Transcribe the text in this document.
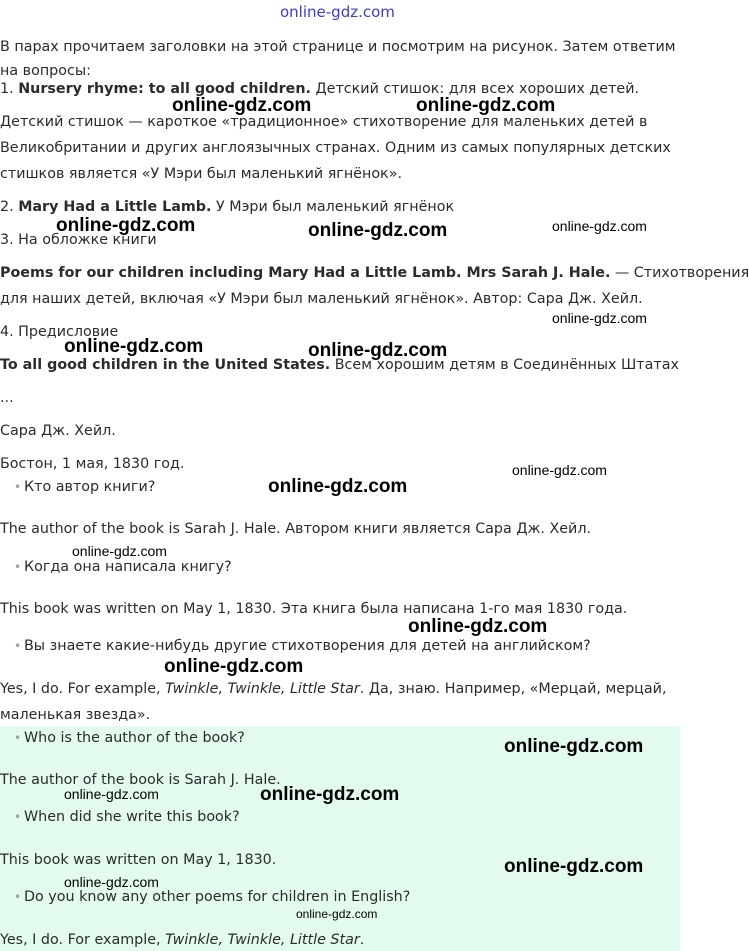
online-gdz.com
В парах прочитаем заголовки на этой странице и посмотрим на рисунок. Затем ответим
на вопросы:
1. Nursery rhyme: to all good children. Детский стишок: для всех хороших детей.
Детский стишок — кароткое «традиционное» стихотворение для маленьких детей в
Великобритании и других англоязычных странах. Одним из самых популярных детских
стишков является «У Мэри был маленький ягнёнок».
2. Mary Had a Little Lamb. У Мэри был маленький ягнёнок
3. На обложке книги
Poems for our children including Mary Had a Little Lamb. Mrs Sarah J. Hale. — Стихотворения
для наших детей, включая «У Мэри был маленький ягнёнок». Автор: Сара Дж. Хейл.
4. Предисловие
To all good children in the United States. Всем хорошим детям в Соединённых Штатах
...
Сара Дж. Хейл.
Бостон, 1 мая, 1830 год.
• Кто автор книги?
The author of the book is Sarah J. Hale. Автором книги является Сара Дж. Хейл.
• Когда она написала книгу?
This book was written on May 1, 1830. Эта книга была написана 1-го мая 1830 года.
• Вы знаете какие-нибудь другие стихотворения для детей на английском?
Yes, I do. For example, Twinkle, Twinkle, Little Star. Да, знаю. Например, «Мерцай, мерцай,
маленькая звезда».
• Who is the author of the book?
The author of the book is Sarah J. Hale.
• When did she write this book?
This book was written on May 1, 1830.
• Do you know any other poems for children in English?
Yes, I do. For example, Twinkle, Twinkle, Little Star.
online-gdz.com	online-gdz.com
online-gdz.com	online-gdz.com	online-gdz.com
online-gdz.com
online-gdz.com	online-gdz.com
online-gdz.com
online-gdz.com
online-gdz.com
online-gdz.com
online-gdz.com
online-gdz.com
online-gdz.com	online-gdz.com
online-gdz.com
online-gdz.com
online-gdz.com
